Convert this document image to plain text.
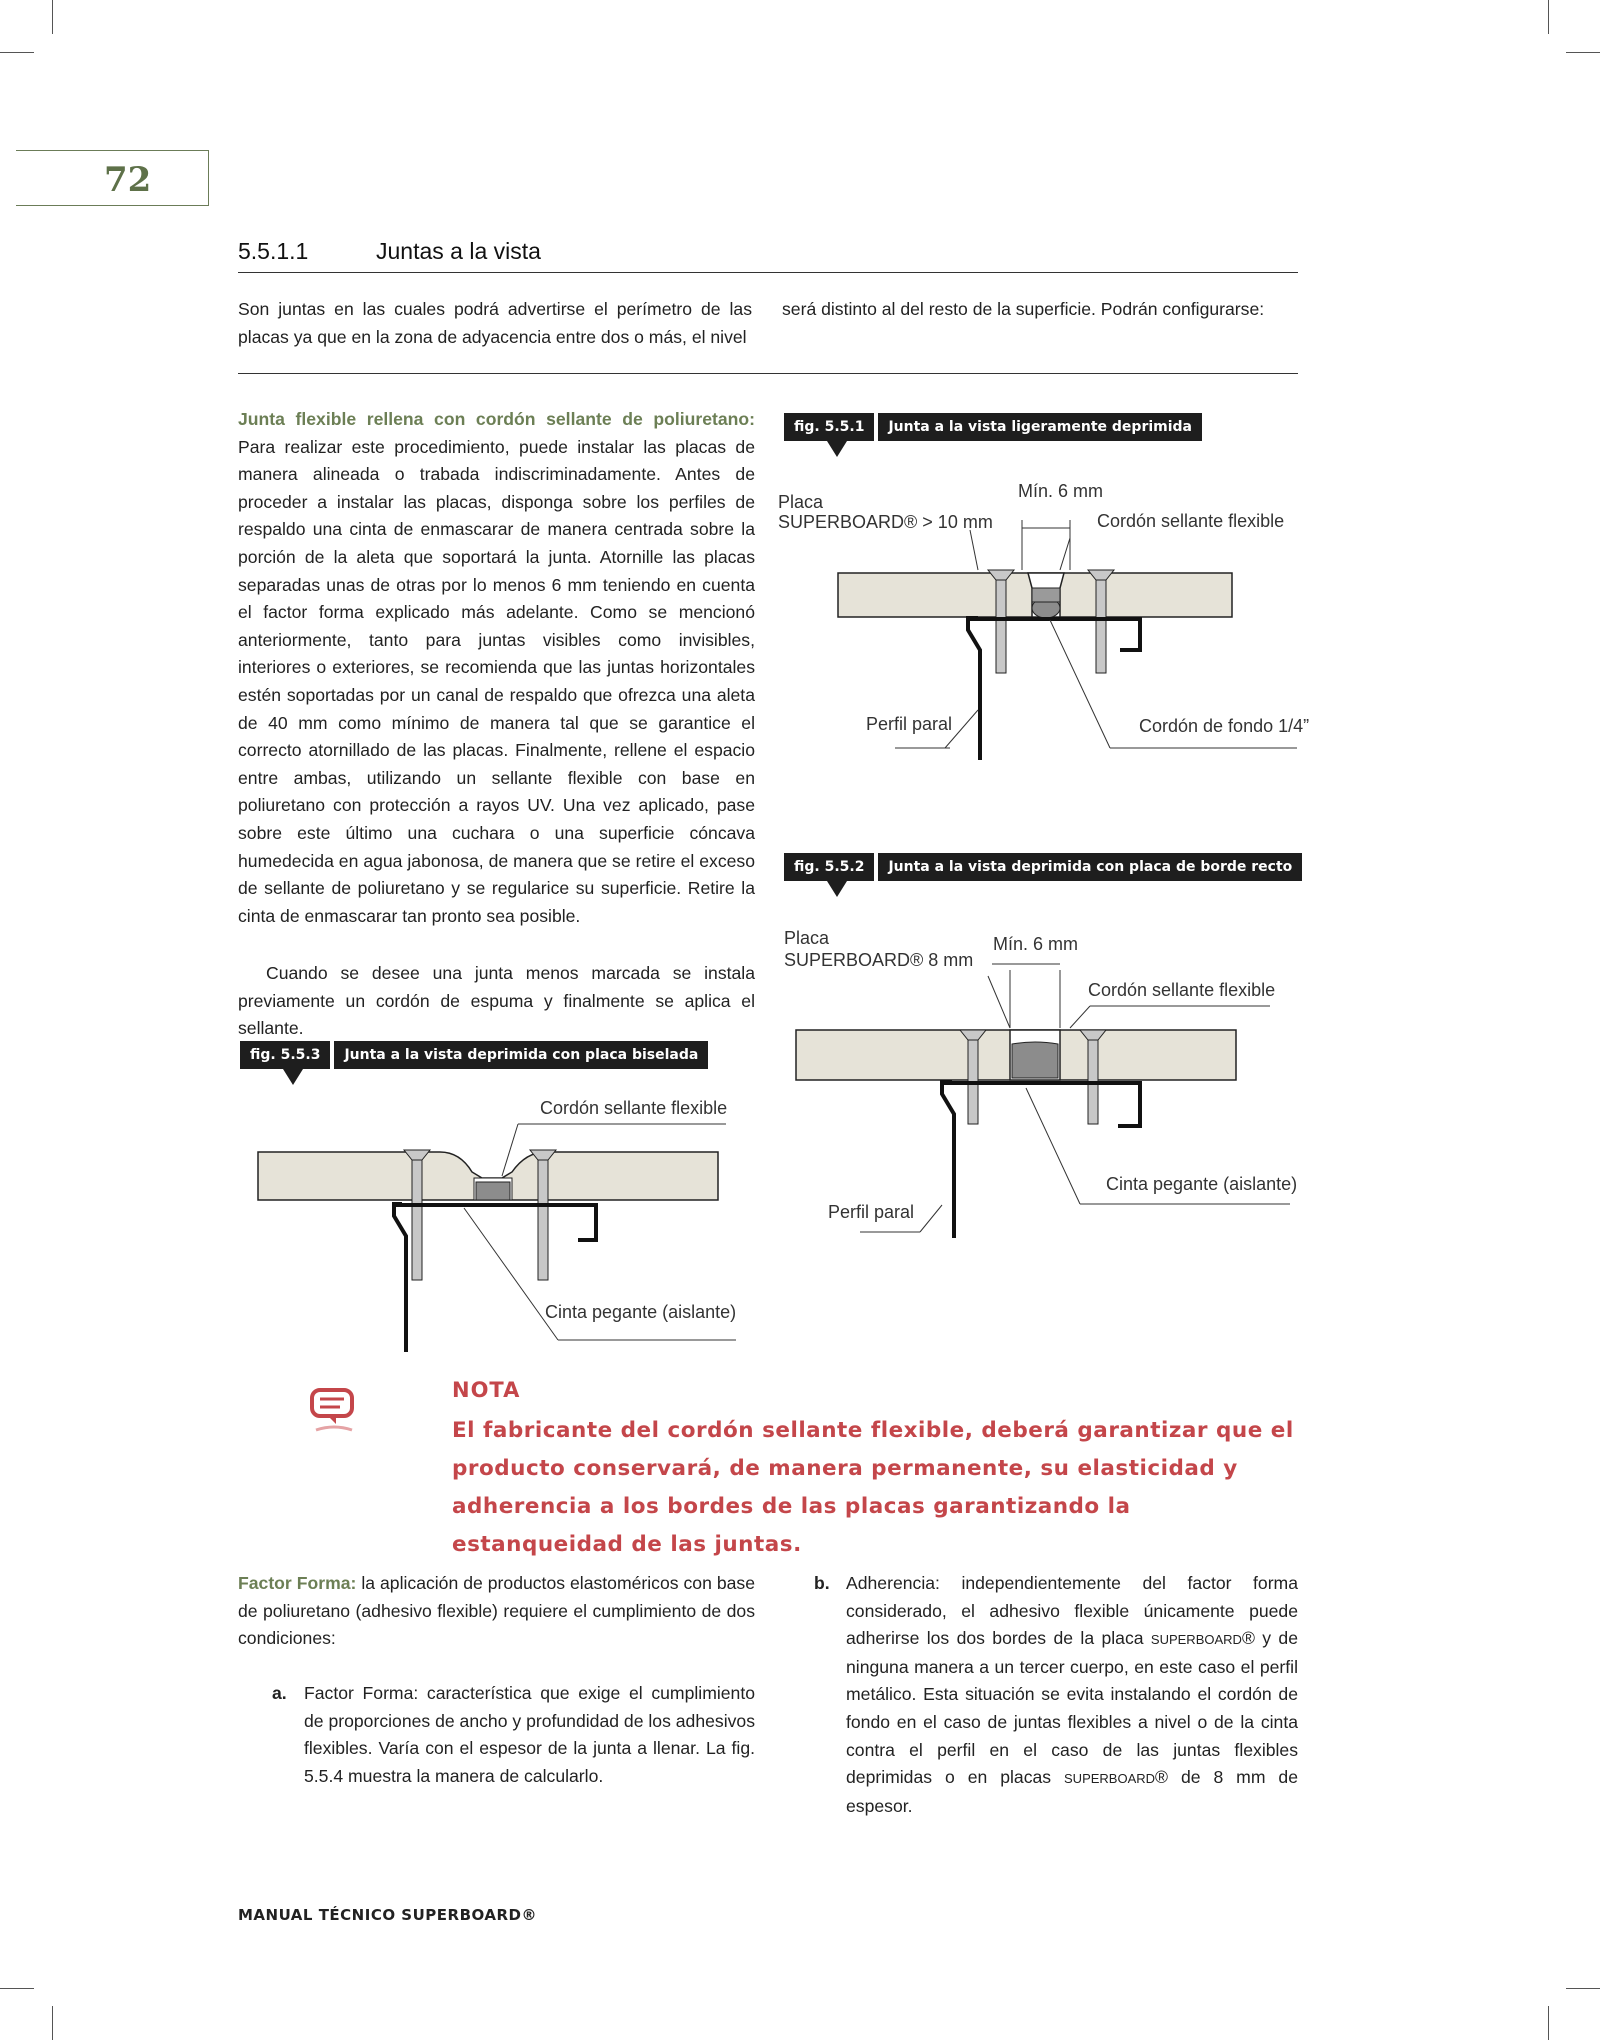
72
5.5.1.1	Juntas a la vista
Son juntas en las cuales podrá advertirse el perímetro de las placas ya que en la zona de adyacencia entre dos o más, el nivel
será distinto al del resto de la superficie. Podrán configurarse:
Junta flexible rellena con cordón sellante de poliuretano: Para realizar este procedimiento, puede instalar las placas de manera alineada o trabada indiscriminadamente. Antes de proceder a instalar las placas, disponga sobre los perfiles de respaldo una cinta de enmascarar de manera centrada sobre la porción de la aleta que soportará la junta. Atornille las placas separadas unas de otras por lo menos 6 mm teniendo en cuenta el factor forma explicado más adelante. Como se mencionó anteriormente, tanto para juntas visibles como invisibles, interiores o exteriores, se recomienda que las juntas horizontales estén soportadas por un canal de respaldo que ofrezca una aleta de 40 mm como mínimo de manera tal que se garantice el correcto atornillado de las placas. Finalmente, rellene el espacio entre ambas, utilizando un sellante flexible con base en poliuretano con protección a rayos UV. Una vez aplicado, pase sobre este último una cuchara o una superficie cóncava humedecida en agua jabonosa, de manera que se retire el exceso de sellante de poliuretano y se regularice su superficie. Retire la cinta de enmascarar tan pronto sea posible.
Cuando se desee una junta menos marcada se instala previamente un cordón de espuma y finalmente se aplica el sellante.
fig. 5.5.1	Junta a la vista ligeramente deprimida
Placa
SUPERBOARD® > 10 mm
Mín. 6 mm
Cordón sellante flexible
Perfil paral	Cordón de fondo 1/4”
fig. 5.5.2	Junta a la vista deprimida con placa de borde recto
Placa
SUPERBOARD® 8 mm
Mín. 6 mm
Cordón sellante flexible
Perfil paral
Cinta pegante (aislante)
fig. 5.5.3	Junta a la vista deprimida con placa biselada
Cordón sellante flexible
Cinta pegante (aislante)
NOTA
El fabricante del cordón sellante flexible, deberá garantizar que el producto conservará, de manera permanente, su elasticidad y adherencia a los bordes de las placas garantizando la estanqueidad de las juntas.
Factor Forma: la aplicación de productos elastoméricos con base de poliuretano (adhesivo flexible) requiere el cumplimiento de dos condiciones:
a. Factor Forma: característica que exige el cumplimiento de proporciones de ancho y profundidad de los adhesivos flexibles. Varía con el espesor de la junta a llenar. La fig. 5.5.4 muestra la manera de calcularlo.
b. Adherencia: independientemente del factor forma considerado, el adhesivo flexible únicamente puede adherirse los dos bordes de la placa SUPERBOARD® y de ninguna manera a un tercer cuerpo, en este caso el perfil metálico. Esta situación se evita instalando el cordón de fondo en el caso de juntas flexibles a nivel o de la cinta contra el perfil en el caso de las juntas flexibles deprimidas o en placas SUPERBOARD® de 8 mm de espesor.
MANUAL TÉCNICO SUPERBOARD®
